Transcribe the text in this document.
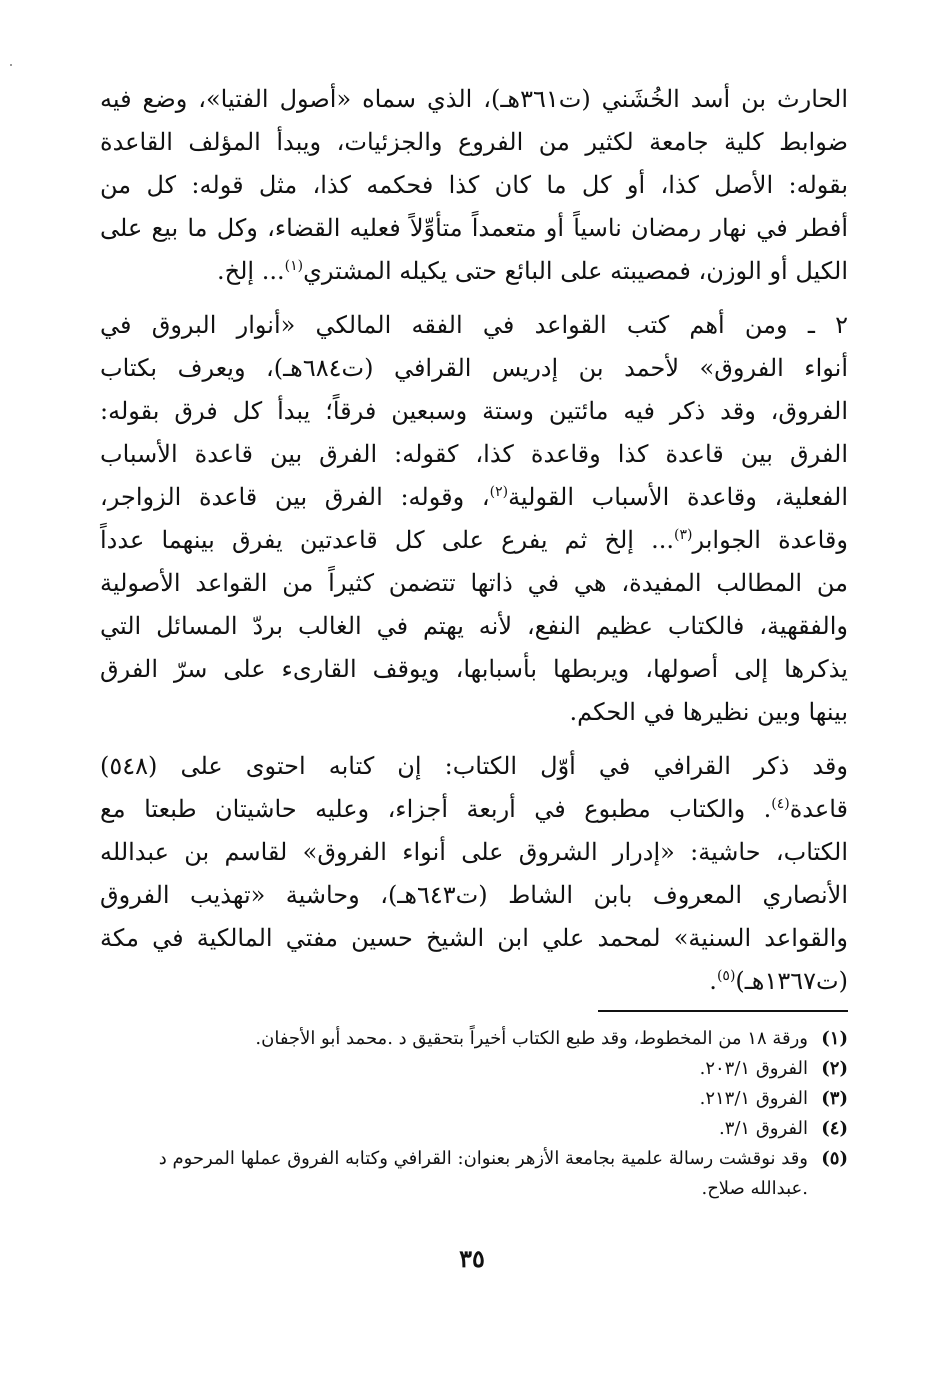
الحارث بن أسد الخُشَني (ت٣٦١هـ)، الذي سماه «أصول الفتيا»، وضع فيه
ضوابط كلية جامعة لكثير من الفروع والجزئيات، ويبدأ المؤلف القاعدة
بقوله: الأصل كذا، أو كل ما كان كذا فحكمه كذا، مثل قوله: كل من
أفطر في نهار رمضان ناسياً أو متعمداً متأوِّلاً فعليه القضاء، وكل ما بيع على
الكيل أو الوزن، فمصيبته على البائع حتى يكيله المشتري$^{(١)}$... إلخ.

٢ ـ ومن أهم كتب القواعد في الفقه المالكي «أنوار البروق في
أنواء الفروق» لأحمد بن إدريس القرافي (ت٦٨٤هـ)، ويعرف بكتاب
الفروق، وقد ذكر فيه مائتين وستة وسبعين فرقاً؛ يبدأ كل فرق بقوله:
الفرق بين قاعدة كذا وقاعدة كذا، كقوله: الفرق بين قاعدة الأسباب
الفعلية، وقاعدة الأسباب القولية$^{(٢)}$، وقوله: الفرق بين قاعدة الزواجر،
وقاعدة الجوابر$^{(٣)}$... إلخ ثم يفرع على كل قاعدتين يفرق بينهما عدداً
من المطالب المفيدة، هي في ذاتها تتضمن كثيراً من القواعد الأصولية
والفقهية، فالكتاب عظيم النفع، لأنه يهتم في الغالب بردّ المسائل التي
يذكرها إلى أصولها، ويربطها بأسبابها، ويوقف القارىء على سرّ الفرق
بينها وبين نظيرها في الحكم.

وقد ذكر القرافي في أوّل الكتاب: إن كتابه احتوى على (٥٤٨)
قاعدة$^{(٤)}$. والكتاب مطبوع في أربعة أجزاء، وعليه حاشيتان طبعتا مع
الكتاب، حاشية: «إدرار الشروق على أنواء الفروق» لقاسم بن عبدالله
الأنصاري المعروف بابن الشاط (ت٦٤٣هـ)، وحاشية «تهذيب الفروق
والقواعد السنية» لمحمد علي ابن الشيخ حسين مفتي المالكية في مكة
(ت١٣٦٧هـ)$^{(٥)}$.

(١)
ورقة ١٨ من المخطوط، وقد طبع الكتاب أخيراً بتحقيق د .محمد أبو الأجفان.

(٢)
الفروق ٢٠٣/١.

(٣)
الفروق ٢١٣/١.

(٤)
الفروق ٣/١.

(٥)
وقد نوقشت رسالة علمية بجامعة الأزهر بعنوان: القرافي وكتابه الفروق عملها المرحوم د .عبدالله صلاح.

٣٥
